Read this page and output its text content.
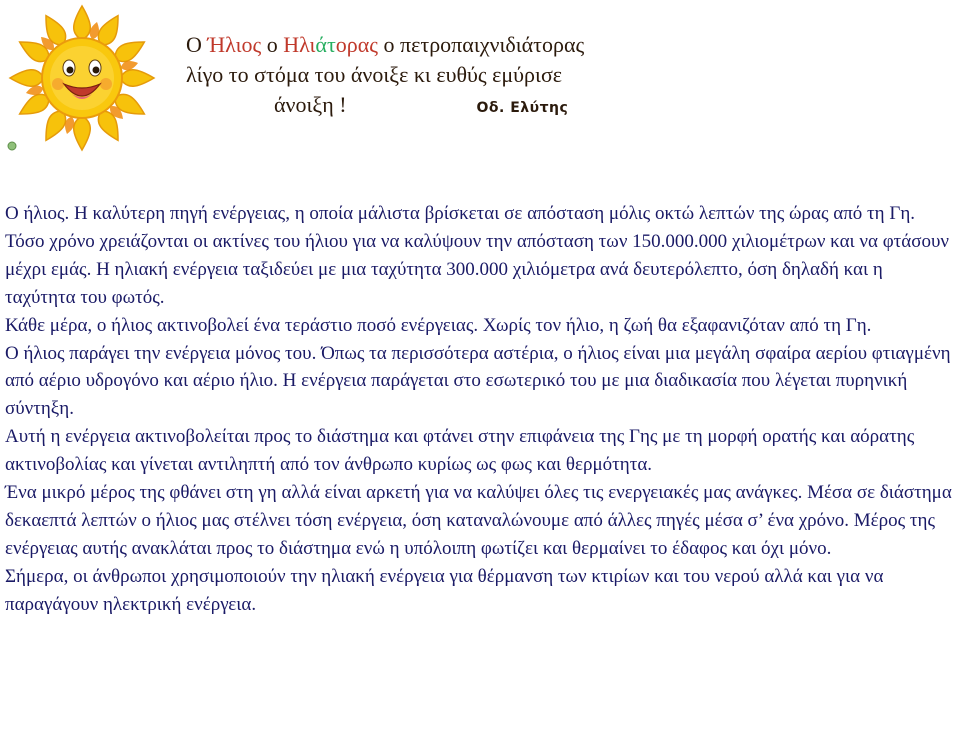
Ο Ήλιος ο Ηλιάτορας ο πετροπαιχνιδιάτορας
λίγο το στόμα του άνοιξε κι ευθύς εμύρισε
άνοιξη !	Οδ. Ελύτης

Ο ήλιος. Η καλύτερη πηγή ενέργειας, η οποία μάλιστα βρίσκεται σε απόσταση μόλις οκτώ λεπτών της ώρας από τη Γη. Τόσο χρόνο χρειάζονται οι ακτίνες του ήλιου για να καλύψουν την απόσταση των 150.000.000 χιλιομέτρων και να φτάσουν μέχρι εμάς. Η ηλιακή ενέργεια ταξιδεύει με μια ταχύτητα 300.000 χιλιόμετρα ανά δευτερόλεπτο, όση δηλαδή και η ταχύτητα του φωτός.

Κάθε μέρα, ο ήλιος ακτινοβολεί ένα τεράστιο ποσό ενέργειας. Χωρίς τον ήλιο, η ζωή θα εξαφανιζόταν από τη Γη.

Ο ήλιος παράγει την ενέργεια μόνος του. Όπως τα περισσότερα αστέρια, ο ήλιος είναι μια μεγάλη σφαίρα αερίου φτιαγμένη από αέριο υδρογόνο και αέριο ήλιο. Η ενέργεια παράγεται στο εσωτερικό του με μια διαδικασία που λέγεται πυρηνική σύντηξη.

Αυτή η ενέργεια ακτινοβολείται προς το διάστημα και φτάνει στην επιφάνεια της Γης με τη μορφή ορατής και αόρατης ακτινοβολίας και γίνεται αντιληπτή από τον άνθρωπο κυρίως ως φως και θερμότητα.

Ένα μικρό μέρος της φθάνει στη γη αλλά είναι αρκετή για να καλύψει όλες τις ενεργειακές μας ανάγκες. Μέσα σε διάστημα δεκαεπτά λεπτών ο ήλιος μας στέλνει τόση ενέργεια, όση καταναλώνουμε από άλλες πηγές μέσα σ’ ένα χρόνο. Μέρος της ενέργειας αυτής ανακλάται προς το διάστημα ενώ η υπόλοιπη φωτίζει και θερμαίνει το έδαφος και όχι μόνο.

Σήμερα, οι άνθρωποι χρησιμοποιούν την ηλιακή ενέργεια για θέρμανση των κτιρίων και του νερού αλλά και για να παραγάγουν ηλεκτρική ενέργεια.
